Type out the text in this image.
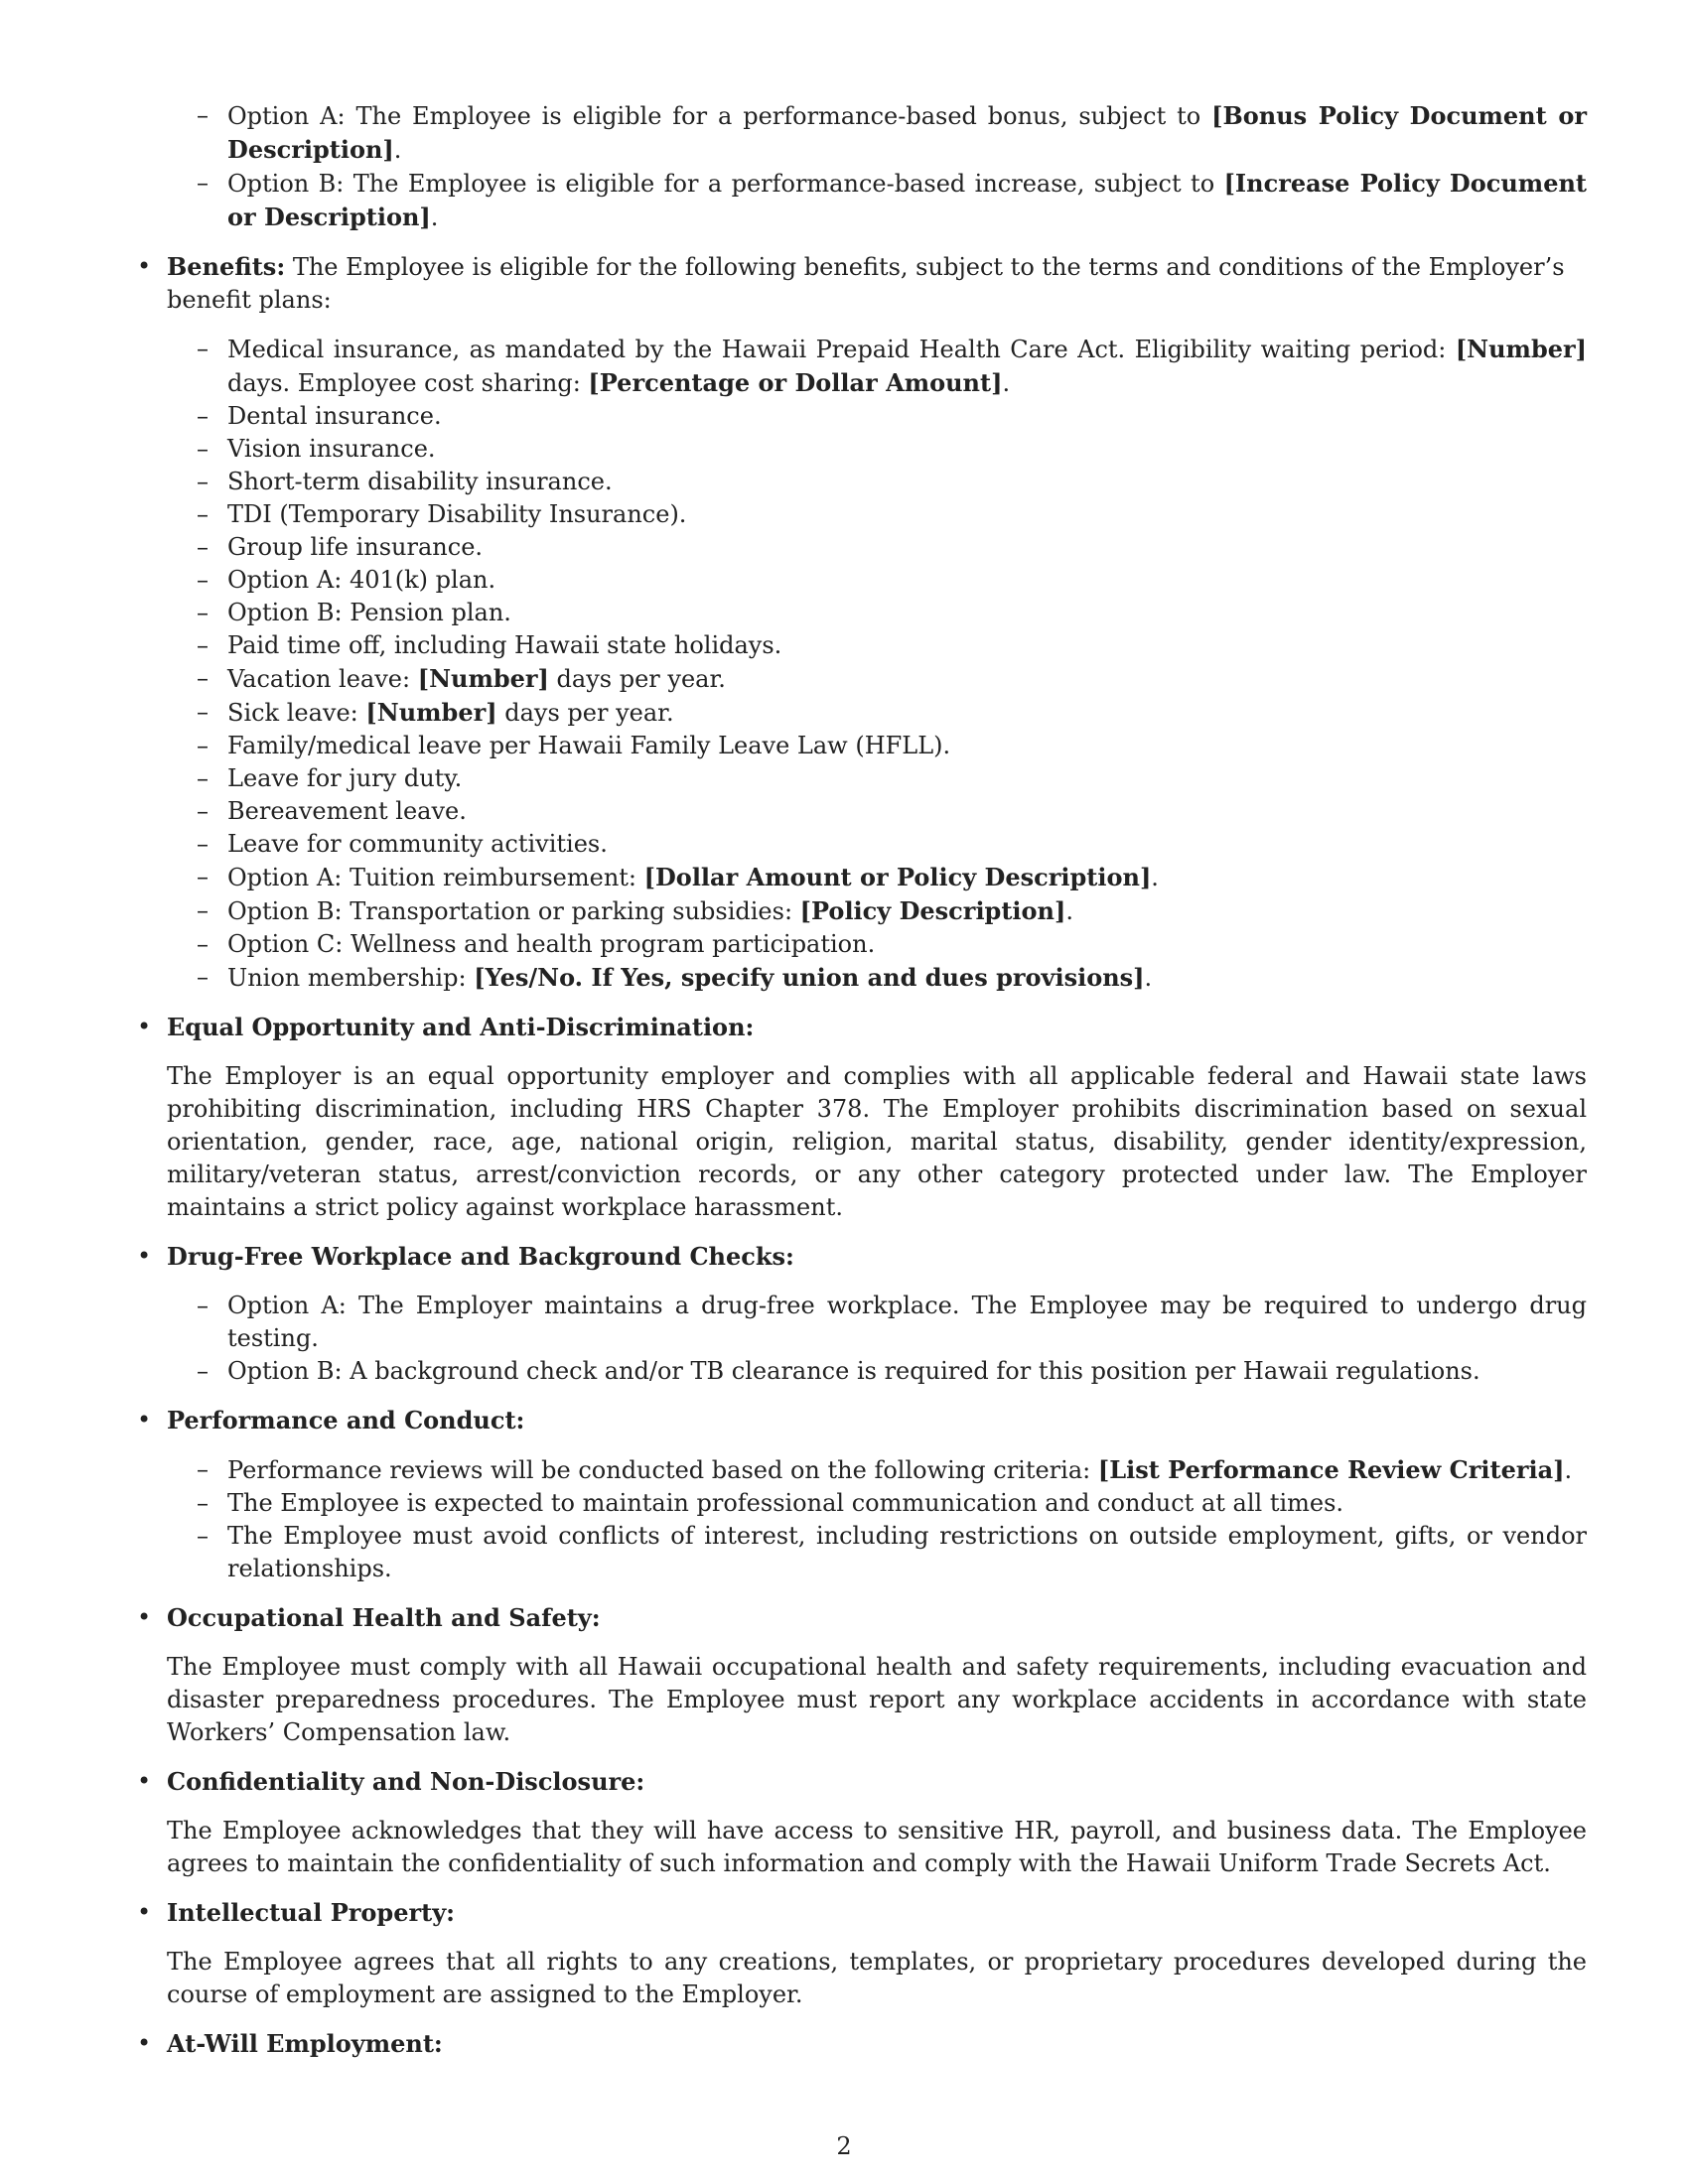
– Option A: The Employee is eligible for a performance-based bonus, subject to [Bonus Policy Document or Description].
– Option B: The Employee is eligible for a performance-based increase, subject to [Increase Policy Document or Description].
• Benefits: The Employee is eligible for the following benefits, subject to the terms and conditions of the Employer’s benefit plans:
– Medical insurance, as mandated by the Hawaii Prepaid Health Care Act. Eligibility waiting period: [Number] days. Employee cost sharing: [Percentage or Dollar Amount].
– Dental insurance.
– Vision insurance.
– Short-term disability insurance.
– TDI (Temporary Disability Insurance).
– Group life insurance.
– Option A: 401(k) plan.
– Option B: Pension plan.
– Paid time off, including Hawaii state holidays.
– Vacation leave: [Number] days per year.
– Sick leave: [Number] days per year.
– Family/medical leave per Hawaii Family Leave Law (HFLL).
– Leave for jury duty.
– Bereavement leave.
– Leave for community activities.
– Option A: Tuition reimbursement: [Dollar Amount or Policy Description].
– Option B: Transportation or parking subsidies: [Policy Description].
– Option C: Wellness and health program participation.
– Union membership: [Yes/No. If Yes, specify union and dues provisions].
• Equal Opportunity and Anti-Discrimination:
The Employer is an equal opportunity employer and complies with all applicable federal and Hawaii state laws prohibiting discrimination, including HRS Chapter 378. The Employer prohibits discrimination based on sexual orientation, gender, race, age, national origin, religion, marital status, disability, gender identity/expression, military/veteran status, arrest/conviction records, or any other category protected under law. The Employer maintains a strict policy against workplace harassment.
• Drug-Free Workplace and Background Checks:
– Option A: The Employer maintains a drug-free workplace. The Employee may be required to undergo drug testing.
– Option B: A background check and/or TB clearance is required for this position per Hawaii regulations.
• Performance and Conduct:
– Performance reviews will be conducted based on the following criteria: [List Performance Review Criteria].
– The Employee is expected to maintain professional communication and conduct at all times.
– The Employee must avoid conflicts of interest, including restrictions on outside employment, gifts, or vendor relationships.
• Occupational Health and Safety:
The Employee must comply with all Hawaii occupational health and safety requirements, including evacuation and disaster preparedness procedures. The Employee must report any workplace accidents in accordance with state Workers’ Compensation law.
• Confidentiality and Non-Disclosure:
The Employee acknowledges that they will have access to sensitive HR, payroll, and business data. The Employee agrees to maintain the confidentiality of such information and comply with the Hawaii Uniform Trade Secrets Act.
• Intellectual Property:
The Employee agrees that all rights to any creations, templates, or proprietary procedures developed during the course of employment are assigned to the Employer.
• At-Will Employment:
2
